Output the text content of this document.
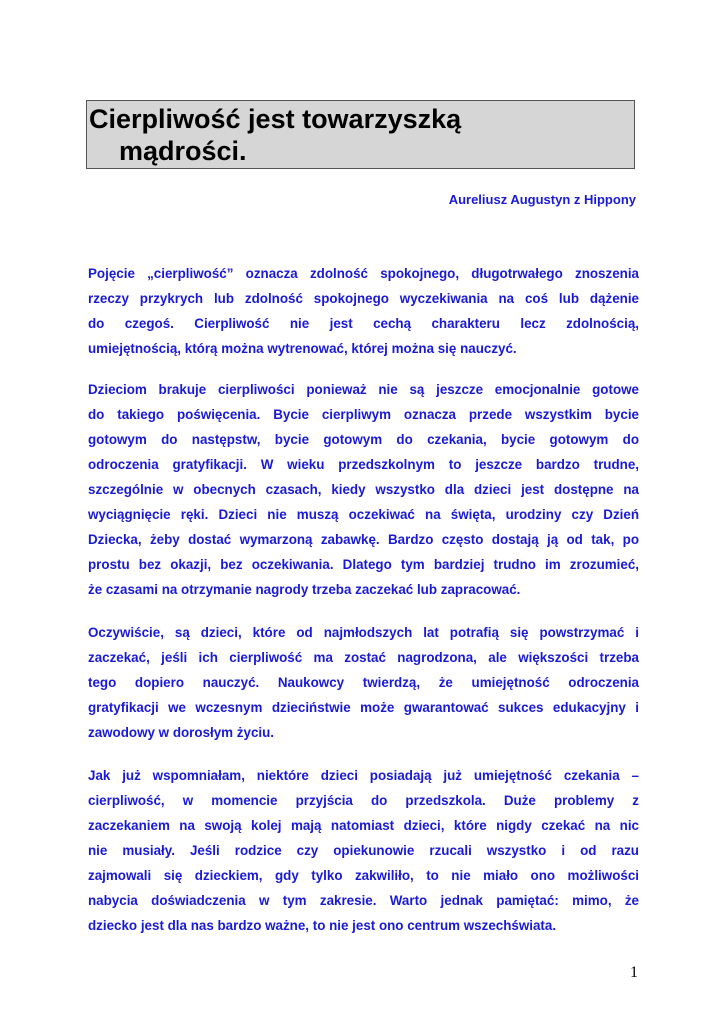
Cierpliwość jest towarzyszką
mądrości.
Aureliusz Augustyn z Hippony
Pojęcie „cierpliwość” oznacza zdolność spokojnego, długotrwałego znoszenia
rzeczy przykrych lub zdolność spokojnego wyczekiwania na coś lub dążenie
do czegoś. Cierpliwość nie jest cechą charakteru lecz zdolnością,
umiejętnością, którą można wytrenować, której można się nauczyć.
Dzieciom brakuje cierpliwości ponieważ nie są jeszcze emocjonalnie gotowe
do takiego poświęcenia. Bycie cierpliwym oznacza przede wszystkim bycie
gotowym do następstw, bycie gotowym do czekania, bycie gotowym do
odroczenia gratyfikacji. W wieku przedszkolnym to jeszcze bardzo trudne,
szczególnie w obecnych czasach, kiedy wszystko dla dzieci jest dostępne na
wyciągnięcie ręki. Dzieci nie muszą oczekiwać na święta, urodziny czy Dzień
Dziecka, żeby dostać wymarzoną zabawkę. Bardzo często dostają ją od tak, po
prostu bez okazji, bez oczekiwania. Dlatego tym bardziej trudno im zrozumieć,
że czasami na otrzymanie nagrody trzeba zaczekać lub zapracować.
Oczywiście, są dzieci, które od najmłodszych lat potrafią się powstrzymać i
zaczekać, jeśli ich cierpliwość ma zostać nagrodzona, ale większości trzeba
tego dopiero nauczyć. Naukowcy twierdzą, że umiejętność odroczenia
gratyfikacji we wczesnym dzieciństwie może gwarantować sukces edukacyjny i
zawodowy w dorosłym życiu.
Jak już wspomniałam, niektóre dzieci posiadają już umiejętność czekania –
cierpliwość, w momencie przyjścia do przedszkola. Duże problemy z
zaczekaniem na swoją kolej mają natomiast dzieci, które nigdy czekać na nic
nie musiały. Jeśli rodzice czy opiekunowie rzucali wszystko i od razu
zajmowali się dzieckiem, gdy tylko zakwiliło, to nie miało ono możliwości
nabycia doświadczenia w tym zakresie. Warto jednak pamiętać: mimo, że
dziecko jest dla nas bardzo ważne, to nie jest ono centrum wszechświata.
1
